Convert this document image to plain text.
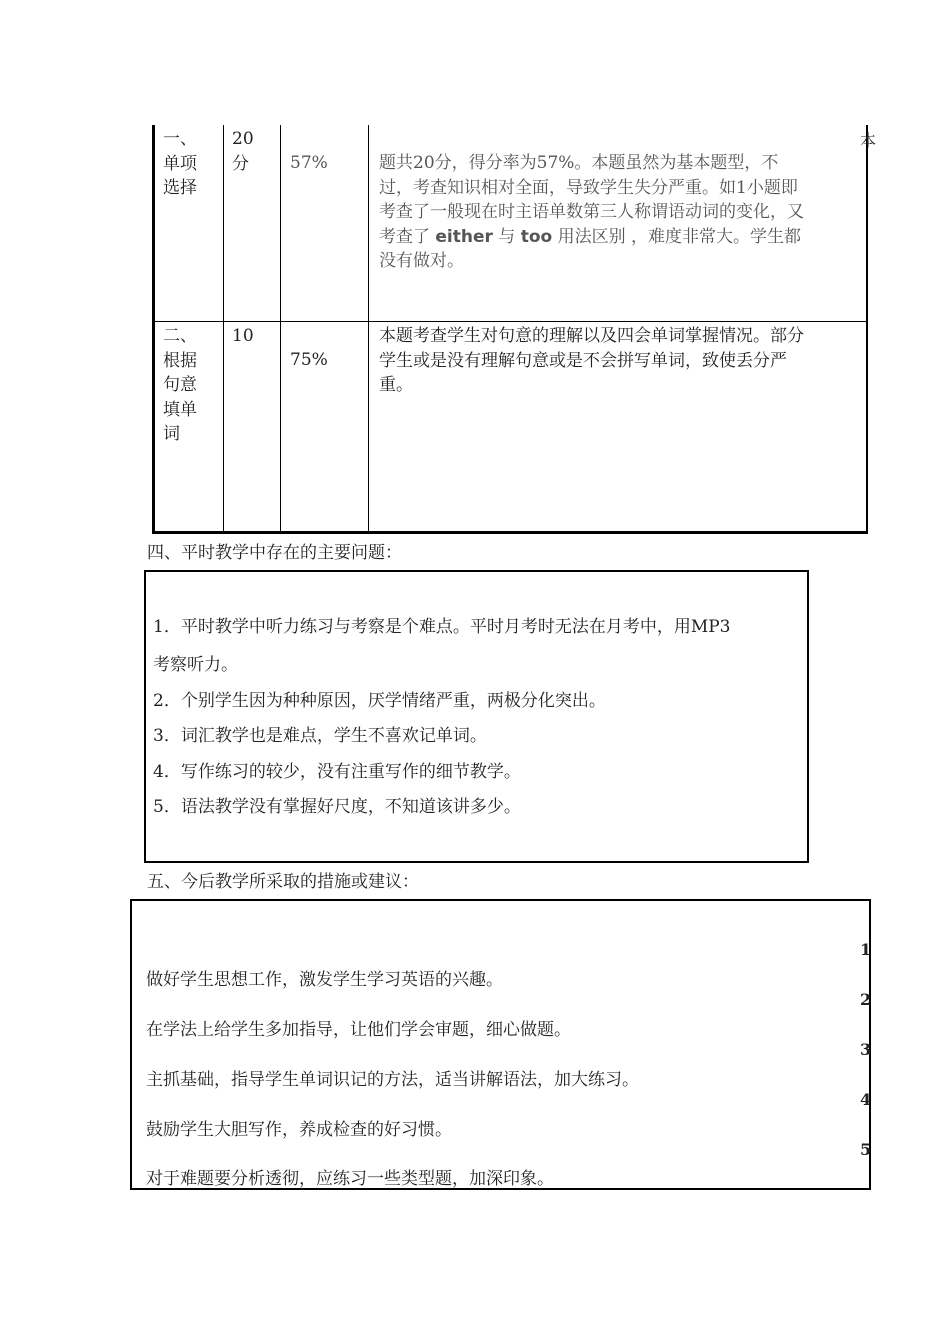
一、
单项
选择
20
分 57%	题共20分，得分率为57%。本题虽然为基本题型，不
过，考查知识相对全面，导致学生失分严重。如1小题即
考查了一般现在时主语单数第三人称谓语动词的变化，又
考查了 either 与 too 用法区别 ，难度非常大。学生都
没有做对。
本
二、
根据
句意
填单
词
10
75%
本题考查学生对句意的理解以及四会单词掌握情况。部分
学生或是没有理解句意或是不会拼写单词，致使丢分严
重。
四、平时教学中存在的主要问题：
1．平时教学中听力练习与考察是个难点。平时月考时无法在月考中，用MP3
考察听力。
2．个别学生因为种种原因，厌学情绪严重，两极分化突出。
3．词汇教学也是难点，学生不喜欢记单词。
4．写作练习的较少，没有注重写作的细节教学。
5．语法教学没有掌握好尺度，不知道该讲多少。
五、今后教学所采取的措施或建议：
1
2
3
4
5
做好学生思想工作，激发学生学习英语的兴趣。
在学法上给学生多加指导，让他们学会审题，细心做题。
主抓基础，指导学生单词识记的方法，适当讲解语法，加大练习。
鼓励学生大胆写作，养成检查的好习惯。
对于难题要分析透彻，应练习一些类型题，加深印象。
